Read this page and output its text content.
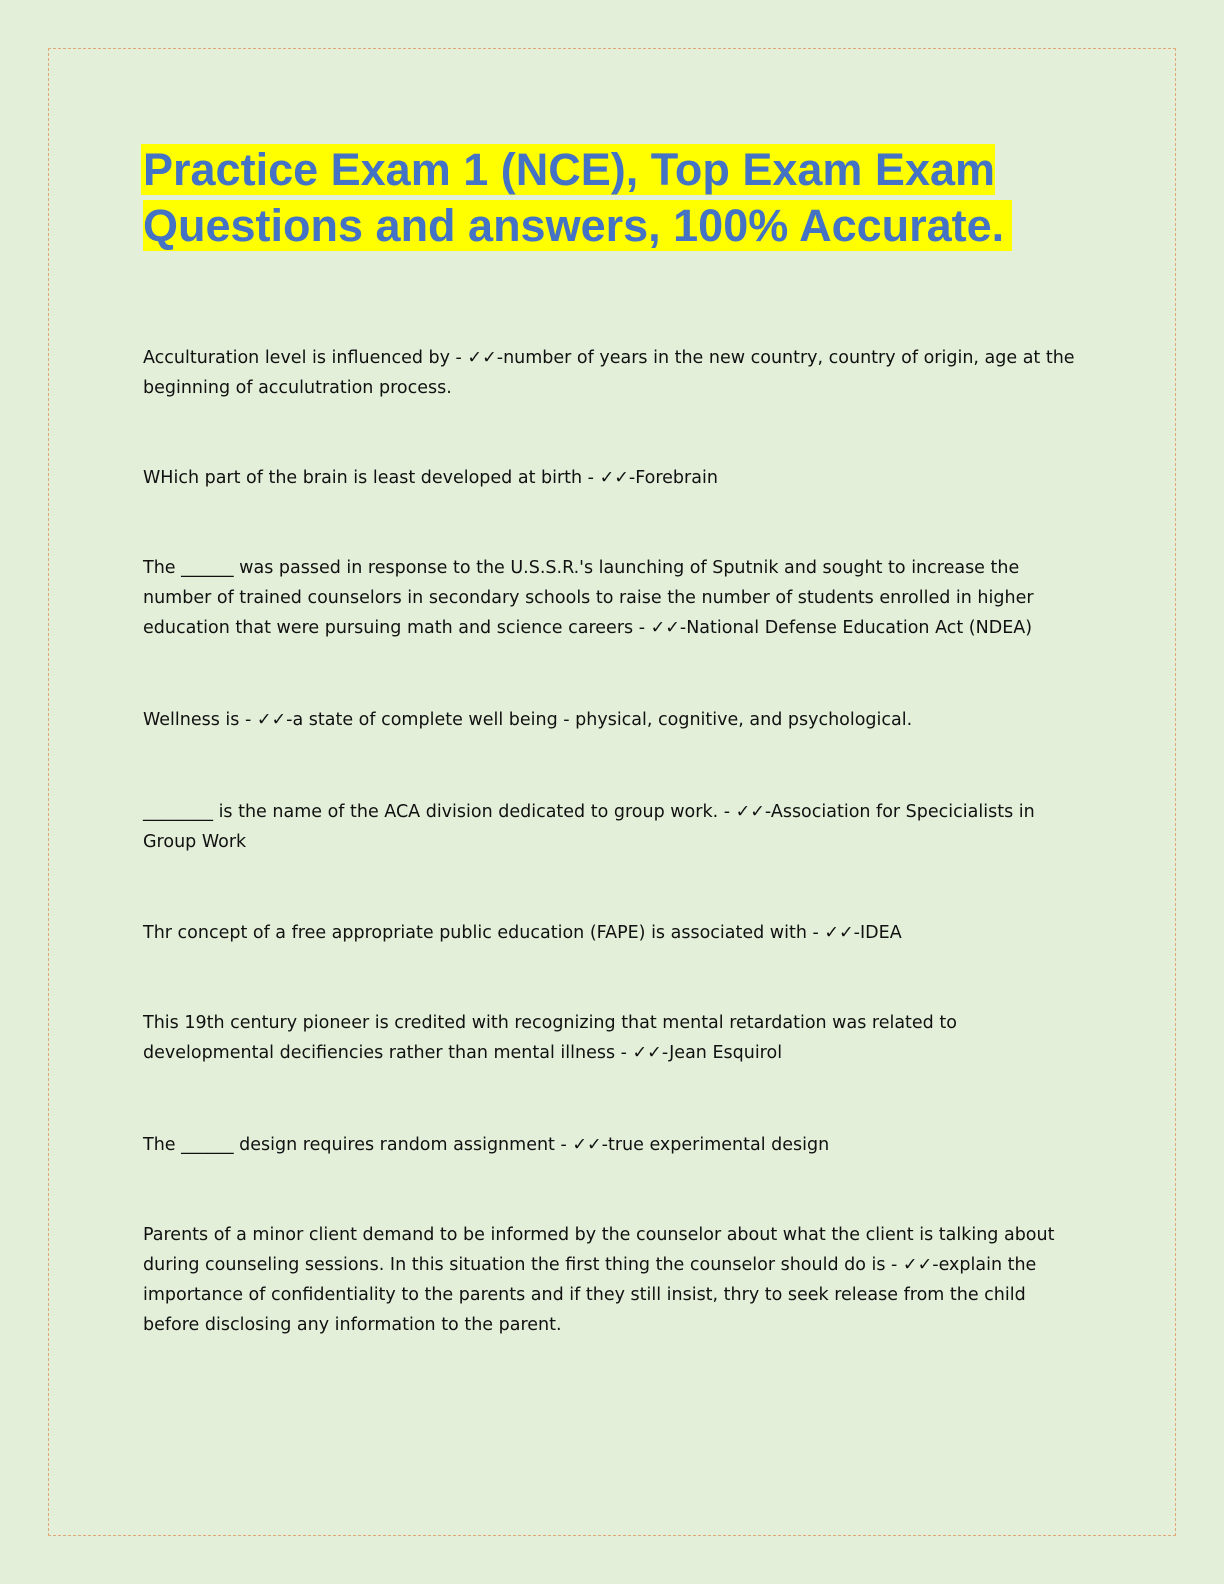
Practice Exam 1 (NCE), Top Exam Exam Questions and answers, 100% Accurate.

Acculturation level is influenced by - ✓✓-number of years in the new country, country of origin, age at the beginning of acculutration process.

WHich part of the brain is least developed at birth - ✓✓-Forebrain

The ______ was passed in response to the U.S.S.R.'s launching of Sputnik and sought to increase the number of trained counselors in secondary schools to raise the number of students enrolled in higher education that were pursuing math and science careers - ✓✓-National Defense Education Act (NDEA)

Wellness is - ✓✓-a state of complete well being - physical, cognitive, and psychological.

________ is the name of the ACA division dedicated to group work. - ✓✓-Association for Specicialists in Group Work

Thr concept of a free appropriate public education (FAPE) is associated with - ✓✓-IDEA

This 19th century pioneer is credited with recognizing that mental retardation was related to developmental decifiencies rather than mental illness - ✓✓-Jean Esquirol

The ______ design requires random assignment - ✓✓-true experimental design

Parents of a minor client demand to be informed by the counselor about what the client is talking about during counseling sessions. In this situation the first thing the counselor should do is - ✓✓-explain the importance of confidentiality to the parents and if they still insist, thry to seek release from the child before disclosing any information to the parent.
